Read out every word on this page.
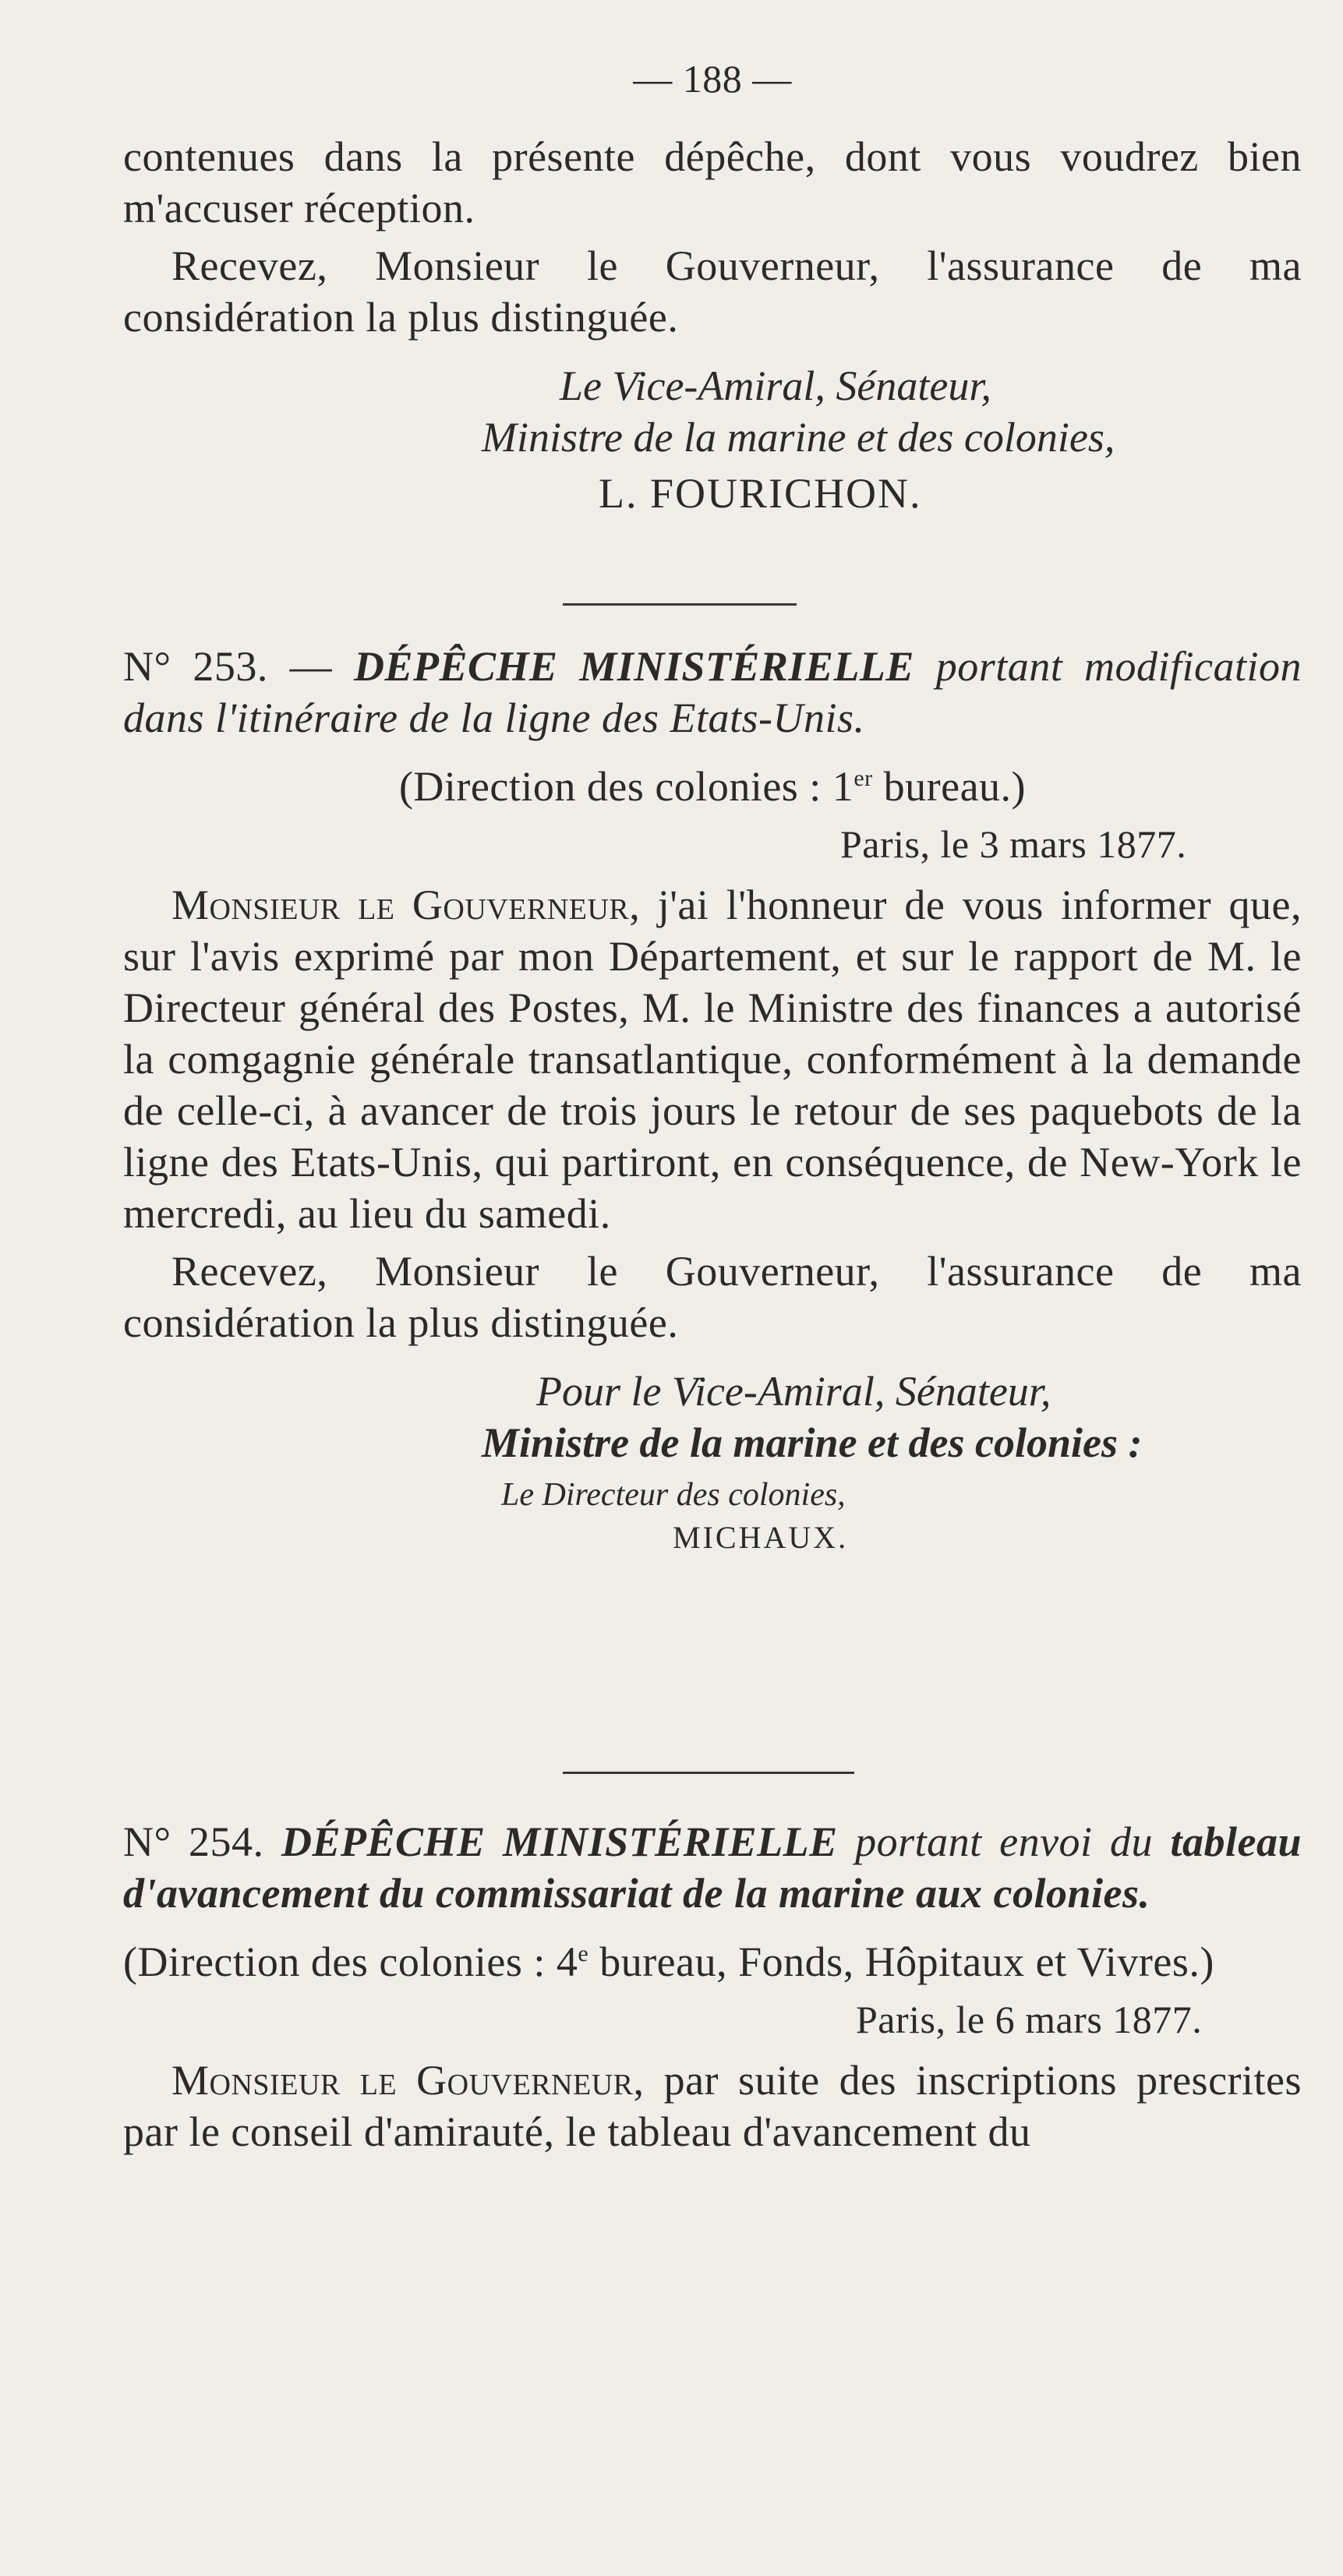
— 188 —

contenues dans la présente dépêche, dont vous voudrez bien m'accuser réception.

Recevez, Monsieur le Gouverneur, l'assurance de ma considération la plus distinguée.

Le Vice-Amiral, Sénateur,

Ministre de la marine et des colonies,

L. FOURICHON.

N° 253. — DÉPÊCHE MINISTÉRIELLE portant modification dans l'itinéraire de la ligne des Etats-Unis.

(Direction des colonies : 1er bureau.)

Paris, le 3 mars 1877.

Monsieur le Gouverneur, j'ai l'honneur de vous informer que, sur l'avis exprimé par mon Département, et sur le rapport de M. le Directeur général des Postes, M. le Ministre des finances a autorisé la comgagnie générale transatlantique, conformément à la demande de celle-ci, à avancer de trois jours le retour de ses paquebots de la ligne des Etats-Unis, qui partiront, en conséquence, de New-York le mercredi, au lieu du samedi.

Recevez, Monsieur le Gouverneur, l'assurance de ma considération la plus distinguée.

Pour le Vice-Amiral, Sénateur,

Ministre de la marine et des colonies :

Le Directeur des colonies,

MICHAUX.

N° 254. DÉPÊCHE MINISTÉRIELLE portant envoi du tableau d'avancement du commissariat de la marine aux colonies.

(Direction des colonies : 4e bureau, Fonds, Hôpitaux et Vivres.)

Paris, le 6 mars 1877.

Monsieur le Gouverneur, par suite des inscriptions prescrites par le conseil d'amirauté, le tableau d'avancement du
